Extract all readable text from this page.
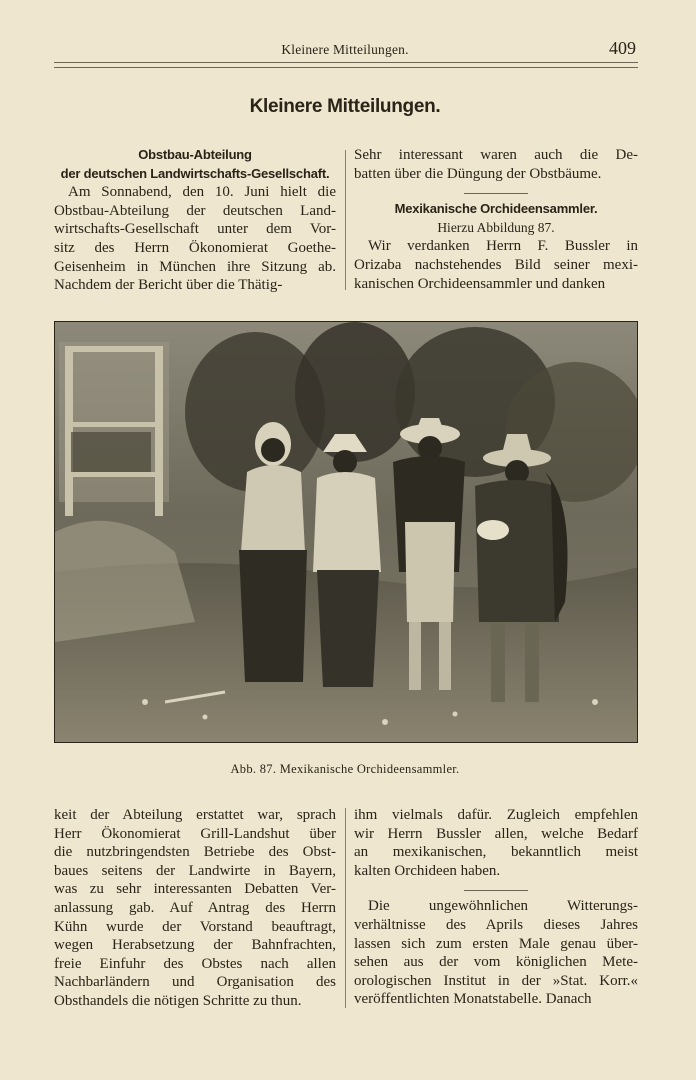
Kleinere Mitteilungen.	409
Kleinere Mitteilungen.
Obstbau-Abteilung
der deutschen Landwirtschafts-Gesellschaft.

Am Sonnabend, den 10. Juni hielt die

Obstbau-Abteilung der deutschen Land-

wirtschafts-Gesellschaft unter dem Vor-

sitz des Herrn Ökonomierat Goethe-

Geisenheim in München ihre Sitzung ab.

Nachdem der Bericht über die Thätig-

Sehr interessant waren auch die De-

batten über die Düngung der Obstbäume.

Mexikanische Orchideensammler.
Hierzu Abbildung 87.

Wir verdanken Herrn F. Bussler in

Orizaba nachstehendes Bild seiner mexi-

kanischen Orchideensammler und danken

Abb. 87. Mexikanische Orchideensammler.

keit der Abteilung erstattet war, sprach

Herr Ökonomierat Grill-Landshut über

die nutzbringendsten Betriebe des Obst-

baues seitens der Landwirte in Bayern,

was zu sehr interessanten Debatten Ver-

anlassung gab. Auf Antrag des Herrn

Kühn wurde der Vorstand beauftragt,

wegen Herabsetzung der Bahnfrachten,

freie Einfuhr des Obstes nach allen

Nachbarländern und Organisation des

Obsthandels die nötigen Schritte zu thun.

ihm vielmals dafür. Zugleich empfehlen

wir Herrn Bussler allen, welche Bedarf

an mexikanischen, bekanntlich meist

kalten Orchideen haben.

Die ungewöhnlichen Witterungs-

verhältnisse des Aprils dieses Jahres

lassen sich zum ersten Male genau über-

sehen aus der vom königlichen Mete-

orologischen Institut in der »Stat. Korr.«

veröffentlichten Monatstabelle. Danach
